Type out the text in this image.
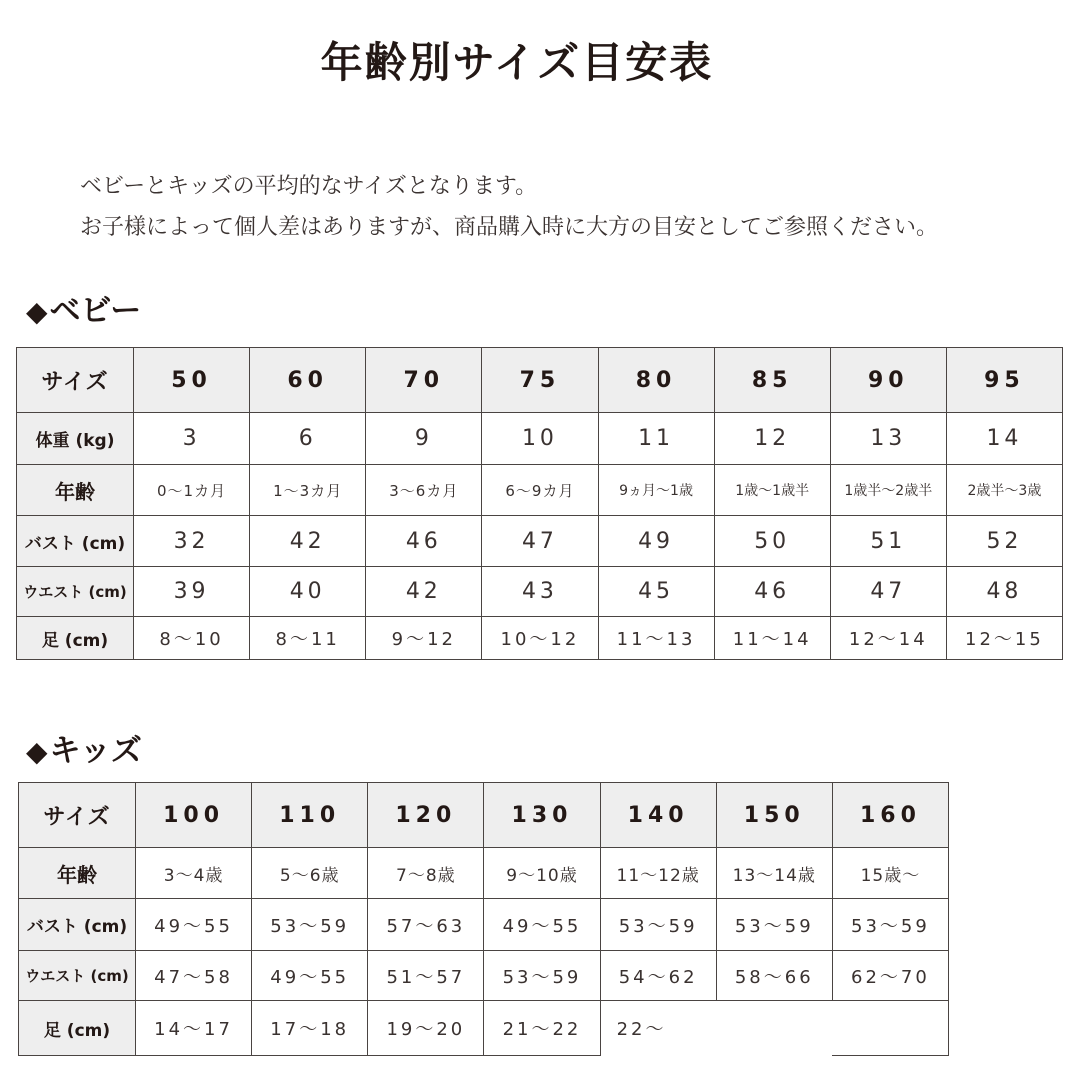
年齢別サイズ目安表
ベビーとキッズの平均的なサイズとなります。
お子様によって個人差はありますが、商品購入時に大方の目安としてご参照ください。
◆ベビー
サイズ	50	60	70	75	80	85	90	95
体重 (kg)	3	6	9	10	11	12	13	14
年齢	0～1カ月	1～3カ月	3～6カ月	6～9カ月	9ヵ月～1歳	1歳～1歳半	1歳半～2歳半	2歳半～3歳
バスト (cm)	32	42	46	47	49	50	51	52
ウエスト (cm)	39	40	42	43	45	46	47	48
足 (cm)	8～10	8～11	9～12	10～12	11～13	11～14	12～14	12～15
◆キッズ
サイズ	100	110	120	130	140	150	160
年齢	3～4歳	5～6歳	7～8歳	9～10歳	11～12歳	13～14歳	15歳～
バスト (cm)	49～55	53～59	57～63	49～55	53～59	53～59	53～59
ウエスト (cm)	47～58	49～55	51～57	53～59	54～62	58～66	62～70
足 (cm)	14～17	17～18	19～20	21～22	22～		
